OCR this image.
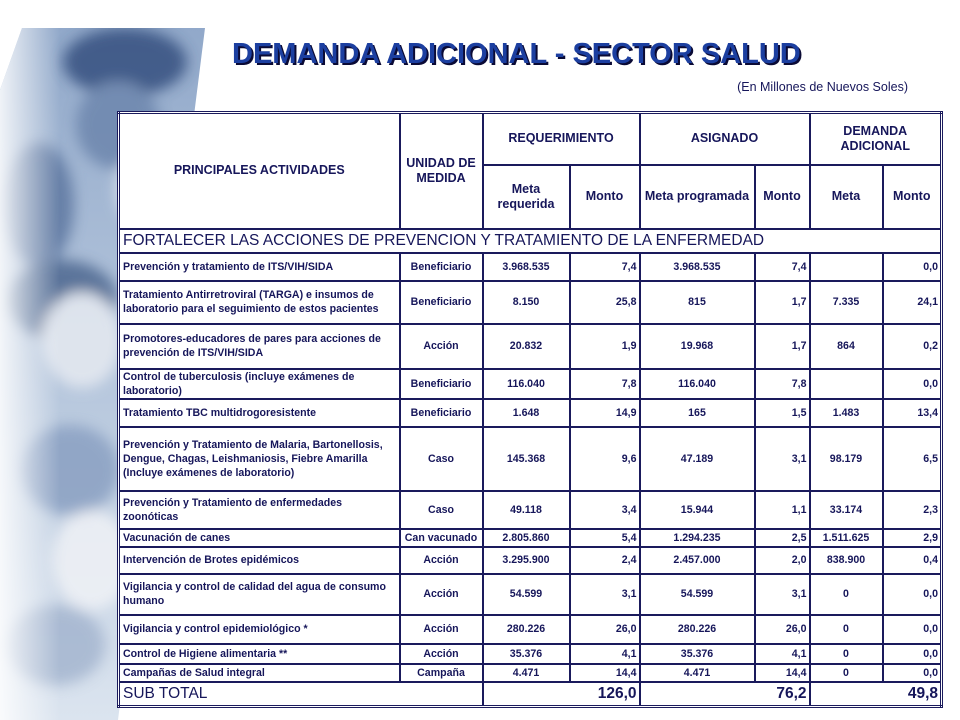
DEMANDA ADICIONAL - SECTOR SALUD
(En Millones de Nuevos Soles)
PRINCIPALES ACTIVIDADES	UNIDAD DE MEDIDA	REQUERIMIENTO		ASIGNADO		DEMANDA ADICIONAL	
		Meta requerida	Monto	Meta programada	Monto	Meta	Monto
FORTALECER LAS ACCIONES DE PREVENCION Y TRATAMIENTO DE LA ENFERMEDAD							
Prevención y tratamiento de ITS/VIH/SIDA	Beneficiario	3.968.535	7,4	3.968.535	7,4		0,0
Tratamiento Antirretroviral (TARGA) e insumos de laboratorio para el seguimiento de estos pacientes	Beneficiario	8.150	25,8	815	1,7	7.335	24,1
Promotores-educadores de pares para acciones de prevención de ITS/VIH/SIDA	Acción	20.832	1,9	19.968	1,7	864	0,2
Control de tuberculosis (incluye exámenes de laboratorio)	Beneficiario	116.040	7,8	116.040	7,8		0,0
Tratamiento TBC multidrogoresistente	Beneficiario	1.648	14,9	165	1,5	1.483	13,4
Prevención y Tratamiento de Malaria, Bartonellosis, Dengue, Chagas, Leishmaniosis, Fiebre Amarilla (Incluye exámenes de laboratorio)	Caso	145.368	9,6	47.189	3,1	98.179	6,5
Prevención y Tratamiento de enfermedades zoonóticas	Caso	49.118	3,4	15.944	1,1	33.174	2,3
Vacunación de canes	Can vacunado	2.805.860	5,4	1.294.235	2,5	1.511.625	2,9
Intervención de Brotes epidémicos	Acción	3.295.900	2,4	2.457.000	2,0	838.900	0,4
Vigilancia y control de calidad del agua de consumo humano	Acción	54.599	3,1	54.599	3,1	0	0,0
Vigilancia y control epidemiológico *	Acción	280.226	26,0	280.226	26,0	0	0,0
Control de Higiene alimentaria **	Acción	35.376	4,1	35.376	4,1	0	0,0
Campañas de Salud integral	Campaña	4.471	14,4	4.471	14,4	0	0,0
SUB TOTAL		126,0		76,2		49,8	
